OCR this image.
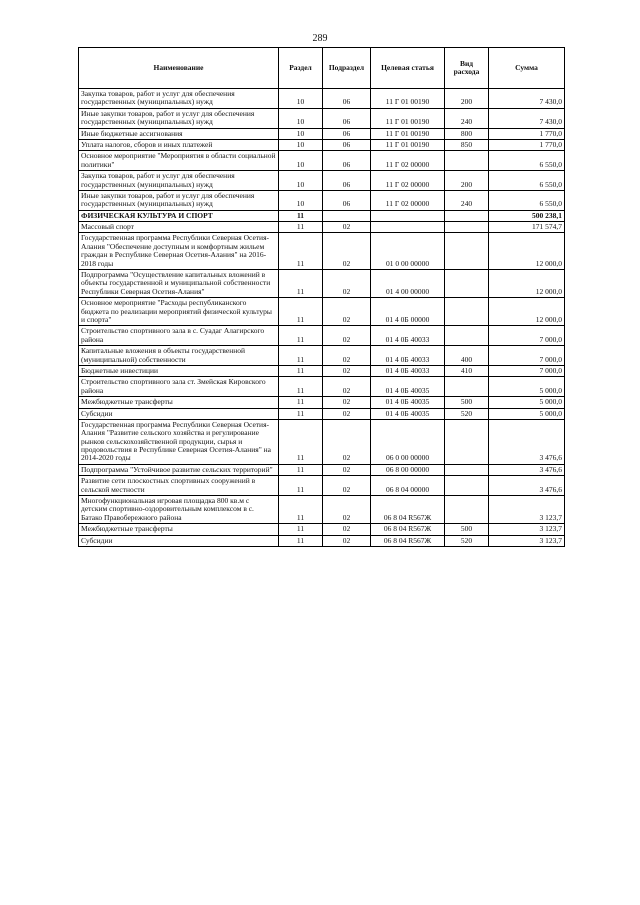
289
Наименование	Раздел	Подраздел	Целевая статья	Вид расхода	Сумма
Закупка товаров, работ и услуг для обеспечения государственных (муниципальных) нужд	10	06	11 Г 01 00190	200	7 430,0
Иные закупки товаров, работ и услуг для обеспечения государственных (муниципальных) нужд	10	06	11 Г 01 00190	240	7 430,0
Иные бюджетные ассигнования	10	06	11 Г 01 00190	800	1 770,0
Уплата налогов, сборов и иных платежей	10	06	11 Г 01 00190	850	1 770,0
Основное мероприятие "Мероприятия в области социальной политики"	10	06	11 Г 02 00000		6 550,0
Закупка товаров, работ и услуг для обеспечения государственных (муниципальных) нужд	10	06	11 Г 02 00000	200	6 550,0
Иные закупки товаров, работ и услуг для обеспечения государственных (муниципальных) нужд	10	06	11 Г 02 00000	240	6 550,0
ФИЗИЧЕСКАЯ КУЛЬТУРА И СПОРТ	11				500 238,1
Массовый спорт	11	02			171 574,7
Государственная программа Республики Северная Осетия-Алания "Обеспечение доступным и комфортным жильем граждан в Республике Северная Осетия-Алания" на 2016-2018 годы	11	02	01 0 00 00000		12 000,0
Подпрограмма "Осуществление капитальных вложений в объекты государственной и муниципальной собственности Республики Северная Осетия-Алания"	11	02	01 4 00 00000		12 000,0
Основное мероприятие "Расходы республиканского бюджета по реализации мероприятий физической культуры и спорта"	11	02	01 4 0Б 00000		12 000,0
Строительство спортивного зала в с. Суадаг Алагирского района	11	02	01 4 0Б 40033		7 000,0
Капитальные вложения в объекты государственной (муниципальной) собственности	11	02	01 4 0Б 40033	400	7 000,0
Бюджетные инвестиции	11	02	01 4 0Б 40033	410	7 000,0
Строительство спортивного зала ст. Змейская Кировского района	11	02	01 4 0Б 40035		5 000,0
Межбюджетные трансферты	11	02	01 4 0Б 40035	500	5 000,0
Субсидии	11	02	01 4 0Б 40035	520	5 000,0
Государственная программа Республики Северная Осетия-Алания "Развитие сельского хозяйства и регулирование рынков сельскохозяйственной продукции, сырья и продовольствия в Республике Северная Осетия-Алания" на 2014-2020 годы	11	02	06 0 00 00000		3 476,6
Подпрограмма "Устойчивое развитие сельских территорий"	11	02	06 8 00 00000		3 476,6
Развитие сети плоскостных спортивных сооружений в сельской местности	11	02	06 8 04 00000		3 476,6
Многофункциональная игровая площадка 800 кв.м с детским спортивно-оздоровительным комплексом в с. Батако Правобережного района	11	02	06 8 04 R567Ж		3 123,7
Межбюджетные трансферты	11	02	06 8 04 R567Ж	500	3 123,7
Субсидии	11	02	06 8 04 R567Ж	520	3 123,7
